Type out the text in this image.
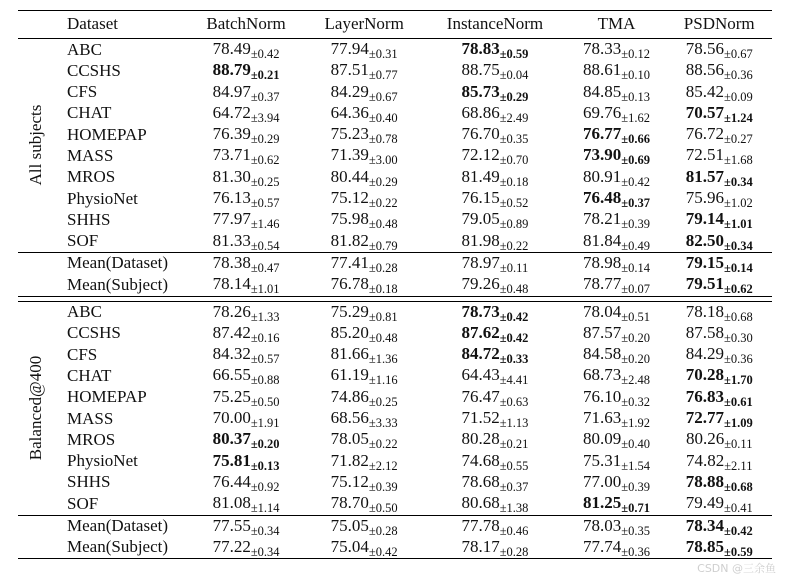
	Dataset	BatchNorm	LayerNorm	InstanceNorm	TMA	PSDNorm

All subjects	ABC	$78.49_{\pm 0.42}$	$77.94_{\pm 0.31}$	$78.83_{\pm 0.59}$	$78.33_{\pm 0.12}$	$78.56_{\pm 0.67}$
	CCSHS	$88.79_{\pm 0.21}$	$87.51_{\pm 0.77}$	$88.75_{\pm 0.04}$	$88.61_{\pm 0.10}$	$88.56_{\pm 0.36}$
	CFS	$84.97_{\pm 0.37}$	$84.29_{\pm 0.67}$	$85.73_{\pm 0.29}$	$84.85_{\pm 0.13}$	$85.42_{\pm 0.09}$
	CHAT	$64.72_{\pm 3.94}$	$64.36_{\pm 0.40}$	$68.86_{\pm 2.49}$	$69.76_{\pm 1.62}$	$70.57_{\pm 1.24}$
	HOMEPAP	$76.39_{\pm 0.29}$	$75.23_{\pm 0.78}$	$76.70_{\pm 0.35}$	$76.77_{\pm 0.66}$	$76.72_{\pm 0.27}$
	MASS	$73.71_{\pm 0.62}$	$71.39_{\pm 3.00}$	$72.12_{\pm 0.70}$	$73.90_{\pm 0.69}$	$72.51_{\pm 1.68}$
	MROS	$81.30_{\pm 0.25}$	$80.44_{\pm 0.29}$	$81.49_{\pm 0.18}$	$80.91_{\pm 0.42}$	$81.57_{\pm 0.34}$
	PhysioNet	$76.13_{\pm 0.57}$	$75.12_{\pm 0.22}$	$76.15_{\pm 0.52}$	$76.48_{\pm 0.37}$	$75.96_{\pm 1.02}$
	SHHS	$77.97_{\pm 1.46}$	$75.98_{\pm 0.48}$	$79.05_{\pm 0.89}$	$78.21_{\pm 0.39}$	$79.14_{\pm 1.01}$
	SOF	$81.33_{\pm 0.54}$	$81.82_{\pm 0.79}$	$81.98_{\pm 0.22}$	$81.84_{\pm 0.49}$	$82.50_{\pm 0.34}$
	Mean(Dataset)	$78.38_{\pm 0.47}$	$77.41_{\pm 0.28}$	$78.97_{\pm 0.11}$	$78.98_{\pm 0.14}$	$79.15_{\pm 0.14}$
	Mean(Subject)	$78.14_{\pm 1.01}$	$76.78_{\pm 0.18}$	$79.26_{\pm 0.48}$	$78.77_{\pm 0.07}$	$79.51_{\pm 0.62}$

Balanced@400	ABC	$78.26_{\pm 1.33}$	$75.29_{\pm 0.81}$	$78.73_{\pm 0.42}$	$78.04_{\pm 0.51}$	$78.18_{\pm 0.68}$
	CCSHS	$87.42_{\pm 0.16}$	$85.20_{\pm 0.48}$	$87.62_{\pm 0.42}$	$87.57_{\pm 0.20}$	$87.58_{\pm 0.30}$
	CFS	$84.32_{\pm 0.57}$	$81.66_{\pm 1.36}$	$84.72_{\pm 0.33}$	$84.58_{\pm 0.20}$	$84.29_{\pm 0.36}$
	CHAT	$66.55_{\pm 0.88}$	$61.19_{\pm 1.16}$	$64.43_{\pm 4.41}$	$68.73_{\pm 2.48}$	$70.28_{\pm 1.70}$
	HOMEPAP	$75.25_{\pm 0.50}$	$74.86_{\pm 0.25}$	$76.47_{\pm 0.63}$	$76.10_{\pm 0.32}$	$76.83_{\pm 0.61}$
	MASS	$70.00_{\pm 1.91}$	$68.56_{\pm 3.33}$	$71.52_{\pm 1.13}$	$71.63_{\pm 1.92}$	$72.77_{\pm 1.09}$
	MROS	$80.37_{\pm 0.20}$	$78.05_{\pm 0.22}$	$80.28_{\pm 0.21}$	$80.09_{\pm 0.40}$	$80.26_{\pm 0.11}$
	PhysioNet	$75.81_{\pm 0.13}$	$71.82_{\pm 2.12}$	$74.68_{\pm 0.55}$	$75.31_{\pm 1.54}$	$74.82_{\pm 2.11}$
	SHHS	$76.44_{\pm 0.92}$	$75.12_{\pm 0.39}$	$78.68_{\pm 0.37}$	$77.00_{\pm 0.39}$	$78.88_{\pm 0.68}$
	SOF	$81.08_{\pm 1.14}$	$78.70_{\pm 0.50}$	$80.68_{\pm 1.38}$	$81.25_{\pm 0.71}$	$79.49_{\pm 0.41}$
	Mean(Dataset)	$77.55_{\pm 0.34}$	$75.05_{\pm 0.28}$	$77.78_{\pm 0.46}$	$78.03_{\pm 0.35}$	$78.34_{\pm 0.42}$
	Mean(Subject)	$77.22_{\pm 0.34}$	$75.04_{\pm 0.42}$	$78.17_{\pm 0.28}$	$77.74_{\pm 0.36}$	$78.85_{\pm 0.59}$
CSDN @三余鱼
